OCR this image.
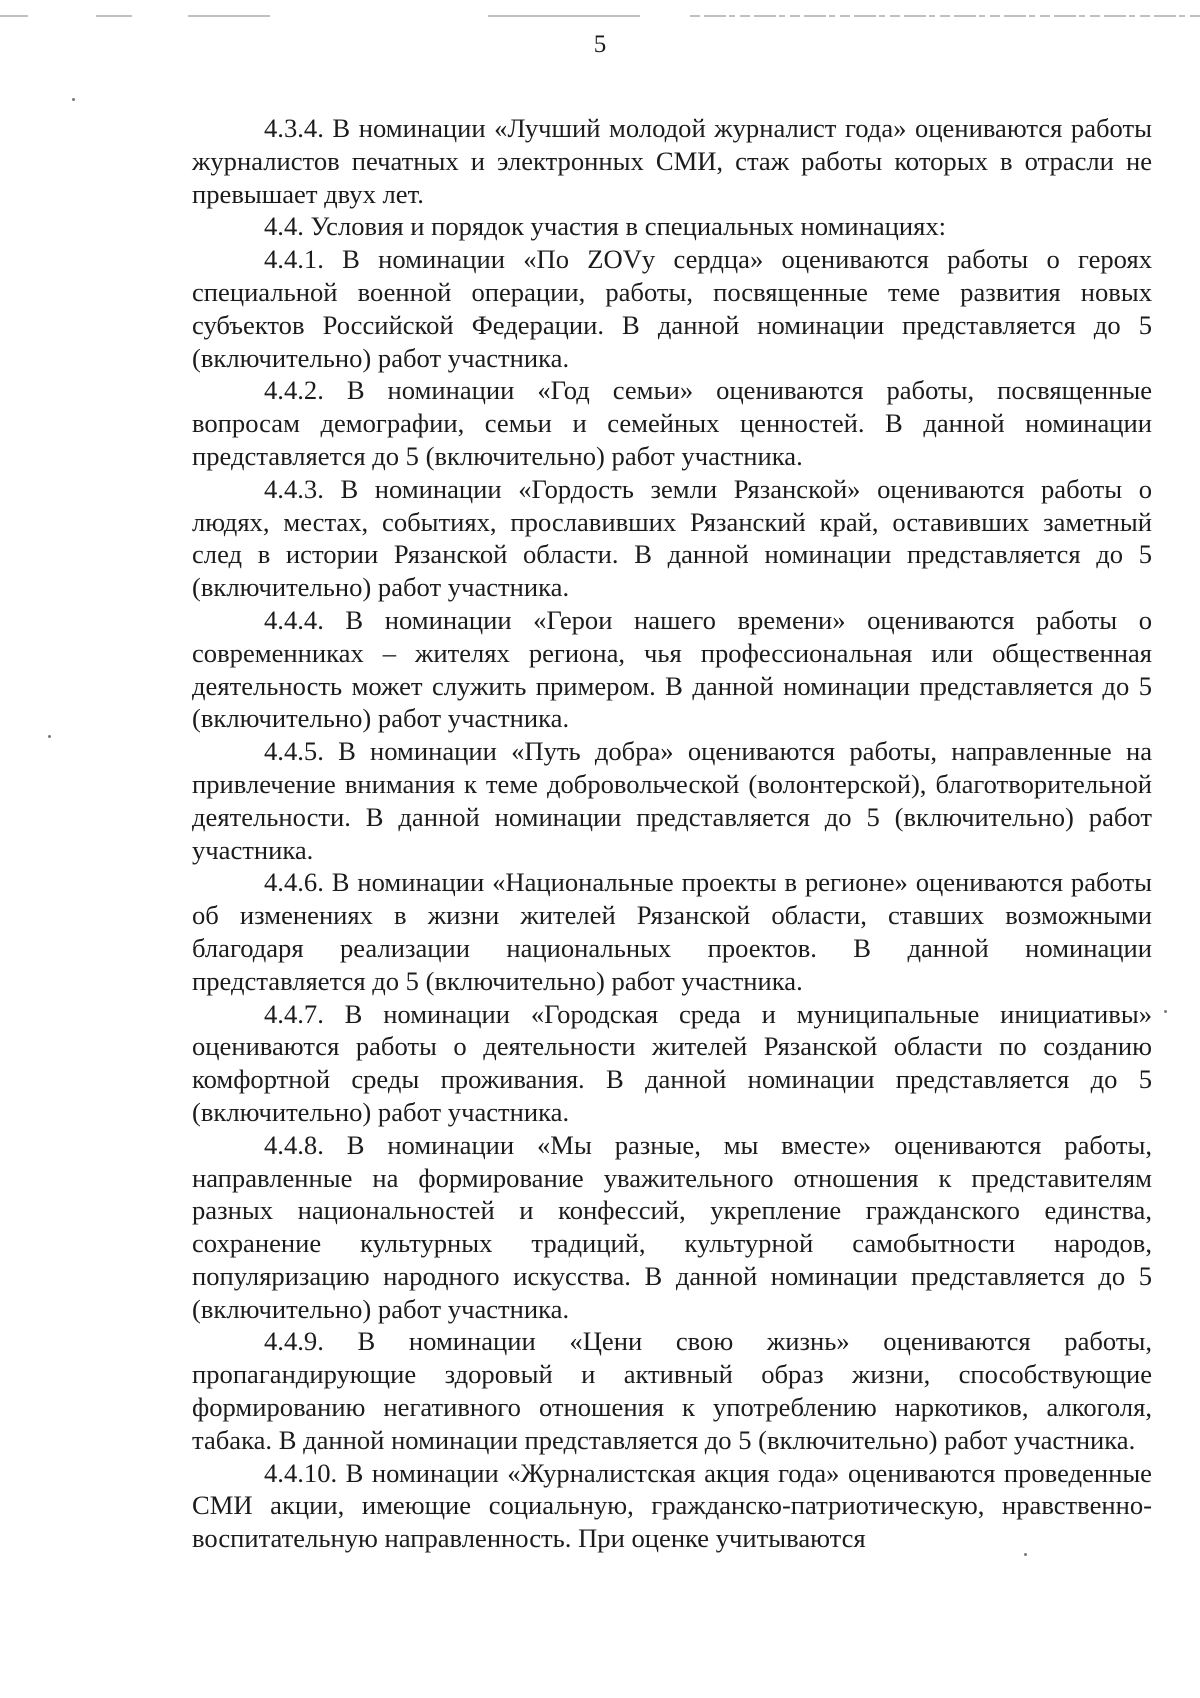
5

4.3.4. В номинации «Лучший молодой журналист года» оцениваются работы журналистов печатных и электронных СМИ, стаж работы которых в отрасли не превышает двух лет.

4.4. Условия и порядок участия в специальных номинациях:

4.4.1. В номинации «По ZOVу сердца» оцениваются работы о героях специальной военной операции, работы, посвященные теме развития новых субъектов Российской Федерации. В данной номинации представляется до 5 (включительно) работ участника.

4.4.2. В номинации «Год семьи» оцениваются работы, посвященные вопросам демографии, семьи и семейных ценностей. В данной номинации представляется до 5 (включительно) работ участника.

4.4.3. В номинации «Гордость земли Рязанской» оцениваются работы о людях, местах, событиях, прославивших Рязанский край, оставивших заметный след в истории Рязанской области. В данной номинации представляется до 5 (включительно) работ участника.

4.4.4. В номинации «Герои нашего времени» оцениваются работы о современниках – жителях региона, чья профессиональная или общественная деятельность может служить примером. В данной номинации представляется до 5 (включительно) работ участника.

4.4.5. В номинации «Путь добра» оцениваются работы, направленные на привлечение внимания к теме добровольческой (волонтерской), благотворительной деятельности. В данной номинации представляется до 5 (включительно) работ участника.

4.4.6. В номинации «Национальные проекты в регионе» оцениваются работы об изменениях в жизни жителей Рязанской области, ставших возможными благодаря реализации национальных проектов. В данной номинации представляется до 5 (включительно) работ участника.

4.4.7. В номинации «Городская среда и муниципальные инициативы» оцениваются работы о деятельности жителей Рязанской области по созданию комфортной среды проживания. В данной номинации представляется до 5 (включительно) работ участника.

4.4.8. В номинации «Мы разные, мы вместе» оцениваются работы, направленные на формирование уважительного отношения к представителям разных национальностей и конфессий, укрепление гражданского единства, сохранение культурных традиций, культурной самобытности народов, популяризацию народного искусства. В данной номинации представляется до 5 (включительно) работ участника.

4.4.9. В номинации «Цени свою жизнь» оцениваются работы, пропагандирующие здоровый и активный образ жизни, способствующие формированию негативного отношения к употреблению наркотиков, алкоголя, табака. В данной номинации представляется до 5 (включительно) работ участника.

4.4.10. В номинации «Журналистская акция года» оцениваются проведенные СМИ акции, имеющие социальную, гражданско-патриотическую, нравственно-воспитательную направленность. При оценке учитываются
